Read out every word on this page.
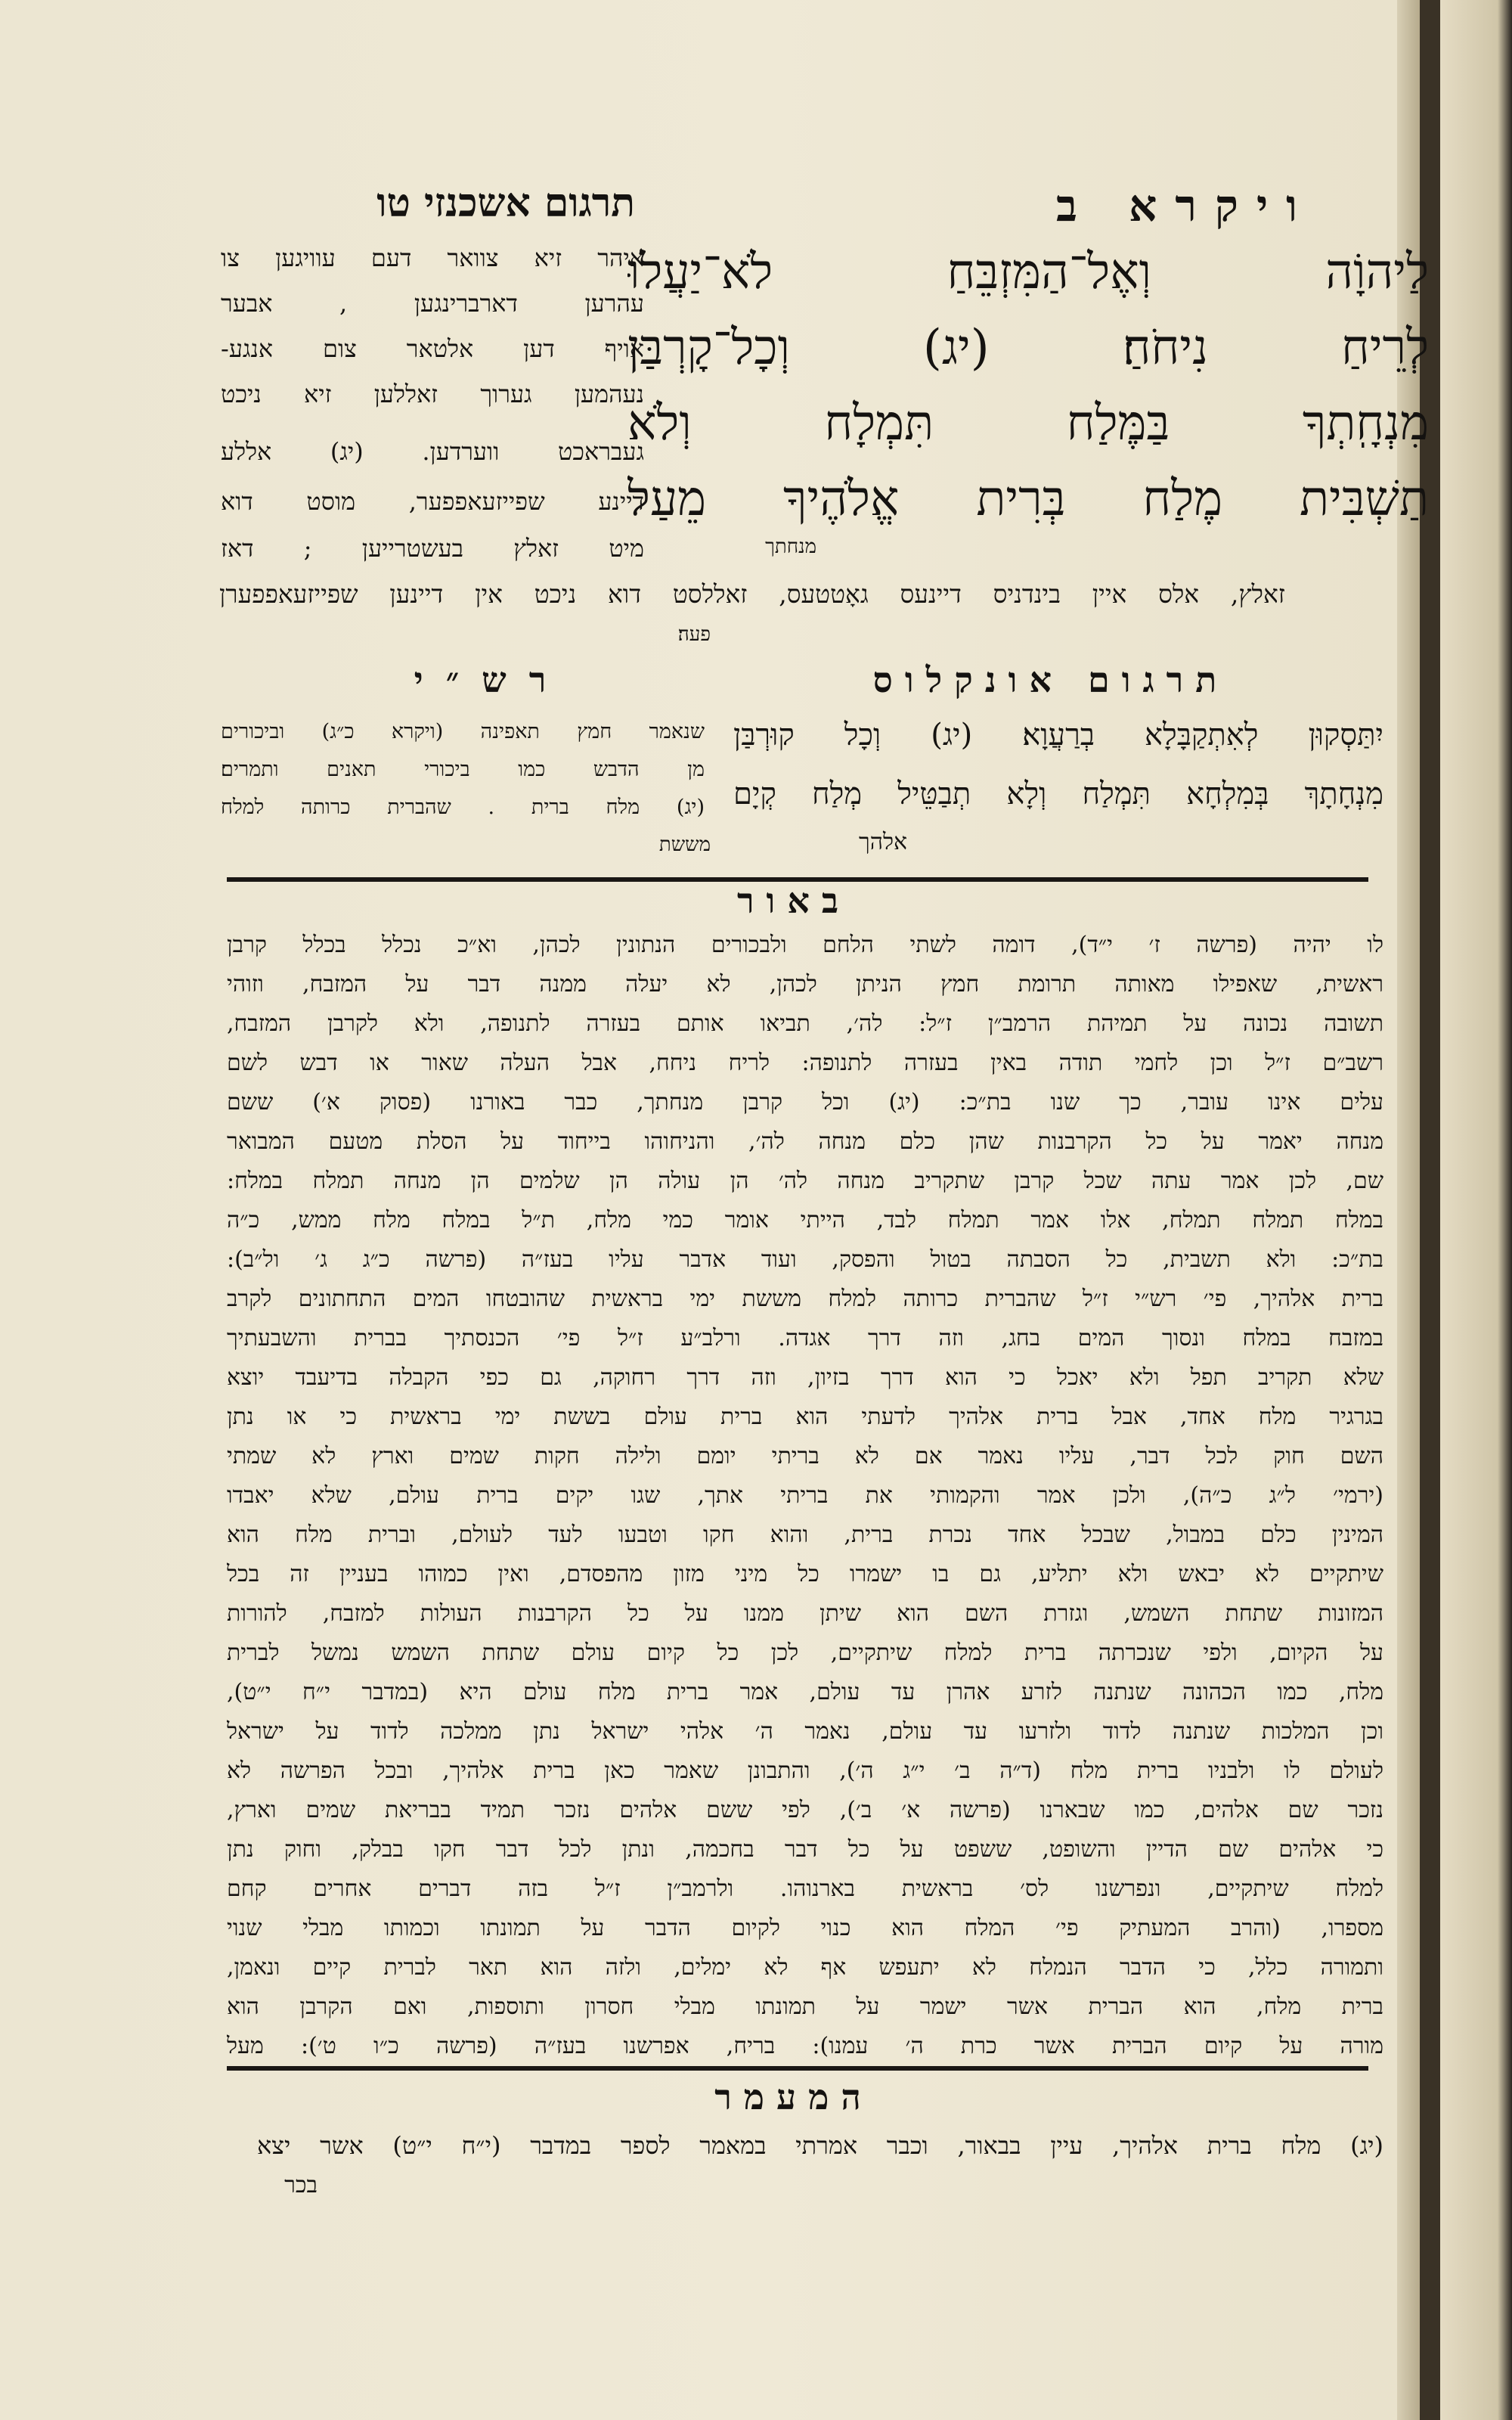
ויקרא ב
תרגום אשכנזי טו
לַיהוָֹה וְאֶל־הַמִּזְבֵּחַ לֹא־יַעֲלוּ
לְרֵיחַ נִיחֹחַ׃ (יג) וְכָל־קָרְבַּן
מִנְחָֽתְךָ בַּמֶּלַח תִּמְלָח וְלֹא
תַשְׁבִּית מֶלַח בְּרִית אֱלֹהֶיךָ מֵעַל
מנחתך
איהר זיא צוואר דעם עוויגען צו
עהרען דארברינגען , אבער
אויף דען אלטאר צום אנגע-
נעהמען גערוך זאללען זיא ניכט
געברא‌כט ווערדען. (יג) אללע
דיינע שפייזעאפפער, מוסט דוא
מיט זאלץ בעשטרייען ; דאז
זאלץ, אלס איין בינדניס דיינעס גאָטטעס, זאללסט דוא ניכט אין דיינען שפייזעאפפערן
פעה׃
תרגום אונקלוס
יִתַּסְקוּן לְאִתְקַבָּלָא בְרַעֲוָא׃ (יג) וְכָל קוּרְבַּן
מִנְחָתָךְ בְּמִלְחָא תִּמְלַח וְלָא תְבַטֵּיל מְלַח קְיָם
אלהך
רש״י
שנאמר חמץ תאפינה (ויקרא כ״ג) וביכורים
מן הדבש כמו ביכורי תאנים ותמרים׃
(יג) מלח ברית . שהברית כרותה למלח
מששת
באור
לו יהיה (פרשה ז׳ י״ד), דומה לשתי הלחם ולבכורים הנתונין לכהן, וא״כ נכלל בכלל קרבן
ראשית, שאפילו מאותה תרומת חמץ הניתן לכהן, לא יעלה ממנה דבר על המזבח, וזוהי
תשובה נכונה על תמיהת הרמב״ן ז״ל: לה׳, תביאו אותם בעזרה לתנופה, ולא לקרבן המזבח,
רשב״ם ז״ל וכן לחמי תודה באין בעזרה לתנופה: לריח ניחח, אבל העלה שאור או דבש לשם
עלים אינו עובר, כך שנו בת״כ: (יג) וכל קרבן מנחתך, כבר באורנו (פסוק א׳) ששם
מנחה יאמר על כל הקרבנות שהן כלם מנחה לה׳, והניחוהו בייחוד על הסלת מטעם המבואר
שם, לכן אמר עתה שכל קרבן שתקריב מנחה לה׳ הן עולה הן שלמים הן מנחה תמלח במלח:
במלח תמלח תמלח, אלו אמר תמלח לבד, הייתי אומר כמי מלח, ת״ל במלח מלח ממש, כ״ה
בת״כ: ולא תשבית, כל הסבתה בטול והפסק, ועוד אדבר עליו בעז״ה (פרשה כ״ג ג׳ ול״ב):
ברית אלהיך, פי׳ רש״י ז״ל שהברית כרותה למלח מששת ימי בראשית שהובטחו המים התחתונים לקרב
במזבח במלח ונסוך המים בחג, וזה דרך אגדה. ורלב״ע ז״ל פי׳ הכנסתיך בברית והשבעתיך
שלא תקריב תפל ולא יאכל כי הוא דרך בזיון, וזה דרך רחוקה, גם כפי הקבלה בדיעבד יוצא
בגרגיר מלח אחד, אבל ברית אלהיך לדעתי הוא ברית עולם בששת ימי בראשית כי או נתן
השם חוק לכל דבר, עליו נאמר אם לא בריתי יומם ולילה חקות שמים וארץ לא שמתי
(ירמי׳ ל״ג כ״ה), ולכן אמר והקמותי את בריתי אתך, שגו יקים ברית עולם, שלא יאבדו
המינין כלם במבול, שבכל אחד נכרת ברית, והוא חקו וטבעו לעד לעולם, וברית מלח הוא
שיתקיים לא יבאש ולא יתליע, גם בו ישמרו כל מיני מזון מהפסדם, ואין כמוהו בעניין זה בכל
המזונות שתחת השמש, וגזרת השם הוא שיתן ממנו על כל הקרבנות העולות למזבח, להורות
על הקיום, ולפי שנכרתה ברית למלח שיתקיים, לכן כל קיום עולם שתחת השמש נמשל לברית
מלח, כמו הכהונה שנתנה לזרע אהרן עד עולם, אמר ברית מלח עולם היא (במדבר י״ח י״ט),
וכן המלכות שנתנה לדוד ולזרעו עד עולם, נאמר ה׳ אלהי ישראל נתן ממלכה לדוד על ישראל
לעולם לו ולבניו ברית מלח (ד״ה ב׳ י״ג ה׳), והתבונן שאמר כאן ברית אלהיך, ובכל הפרשה לא
נזכר שם אלהים, כמו שבארנו (פרשה א׳ ב׳), לפי ששם אלהים נזכר תמיד בבריאת שמים וארץ,
כי אלהים שם הדיין והשופט, ששפט על כל דבר בחכמה, ונתן לכל דבר חקו בבלק, וחוק נתן
למלח שיתקיים, ונפרשנו לס׳ בראשית בארנוהו. ולרמב״ן ז״ל בזה דברים אחרים קחם
מספרו, (והרב המעתיק פי׳ המלח הוא כנוי לקיום הדבר על תמונתו וכמותו מבלי שנוי
ותמורה כלל, כי הדבר הנמלח לא יתעפש אף לא ימלים, ולזה הוא תאר לברית קיים ונאמן,
ברית מלח, הוא הברית אשר ישמר על תמונתו מבלי חסרון ותוספות, ואם הקרבן הוא
מורה על קיום הברית אשר כרת ה׳ עמנו): בריח, אפרשנו בעז״ה (פרשה כ״ו ט׳): מעל
המעמר
(יג) מלח ברית אלהיך, עיין בבאור, וכבר אמרתי במאמר לספר במדבר (י״ח י״ט) אשר יצא
בכר
